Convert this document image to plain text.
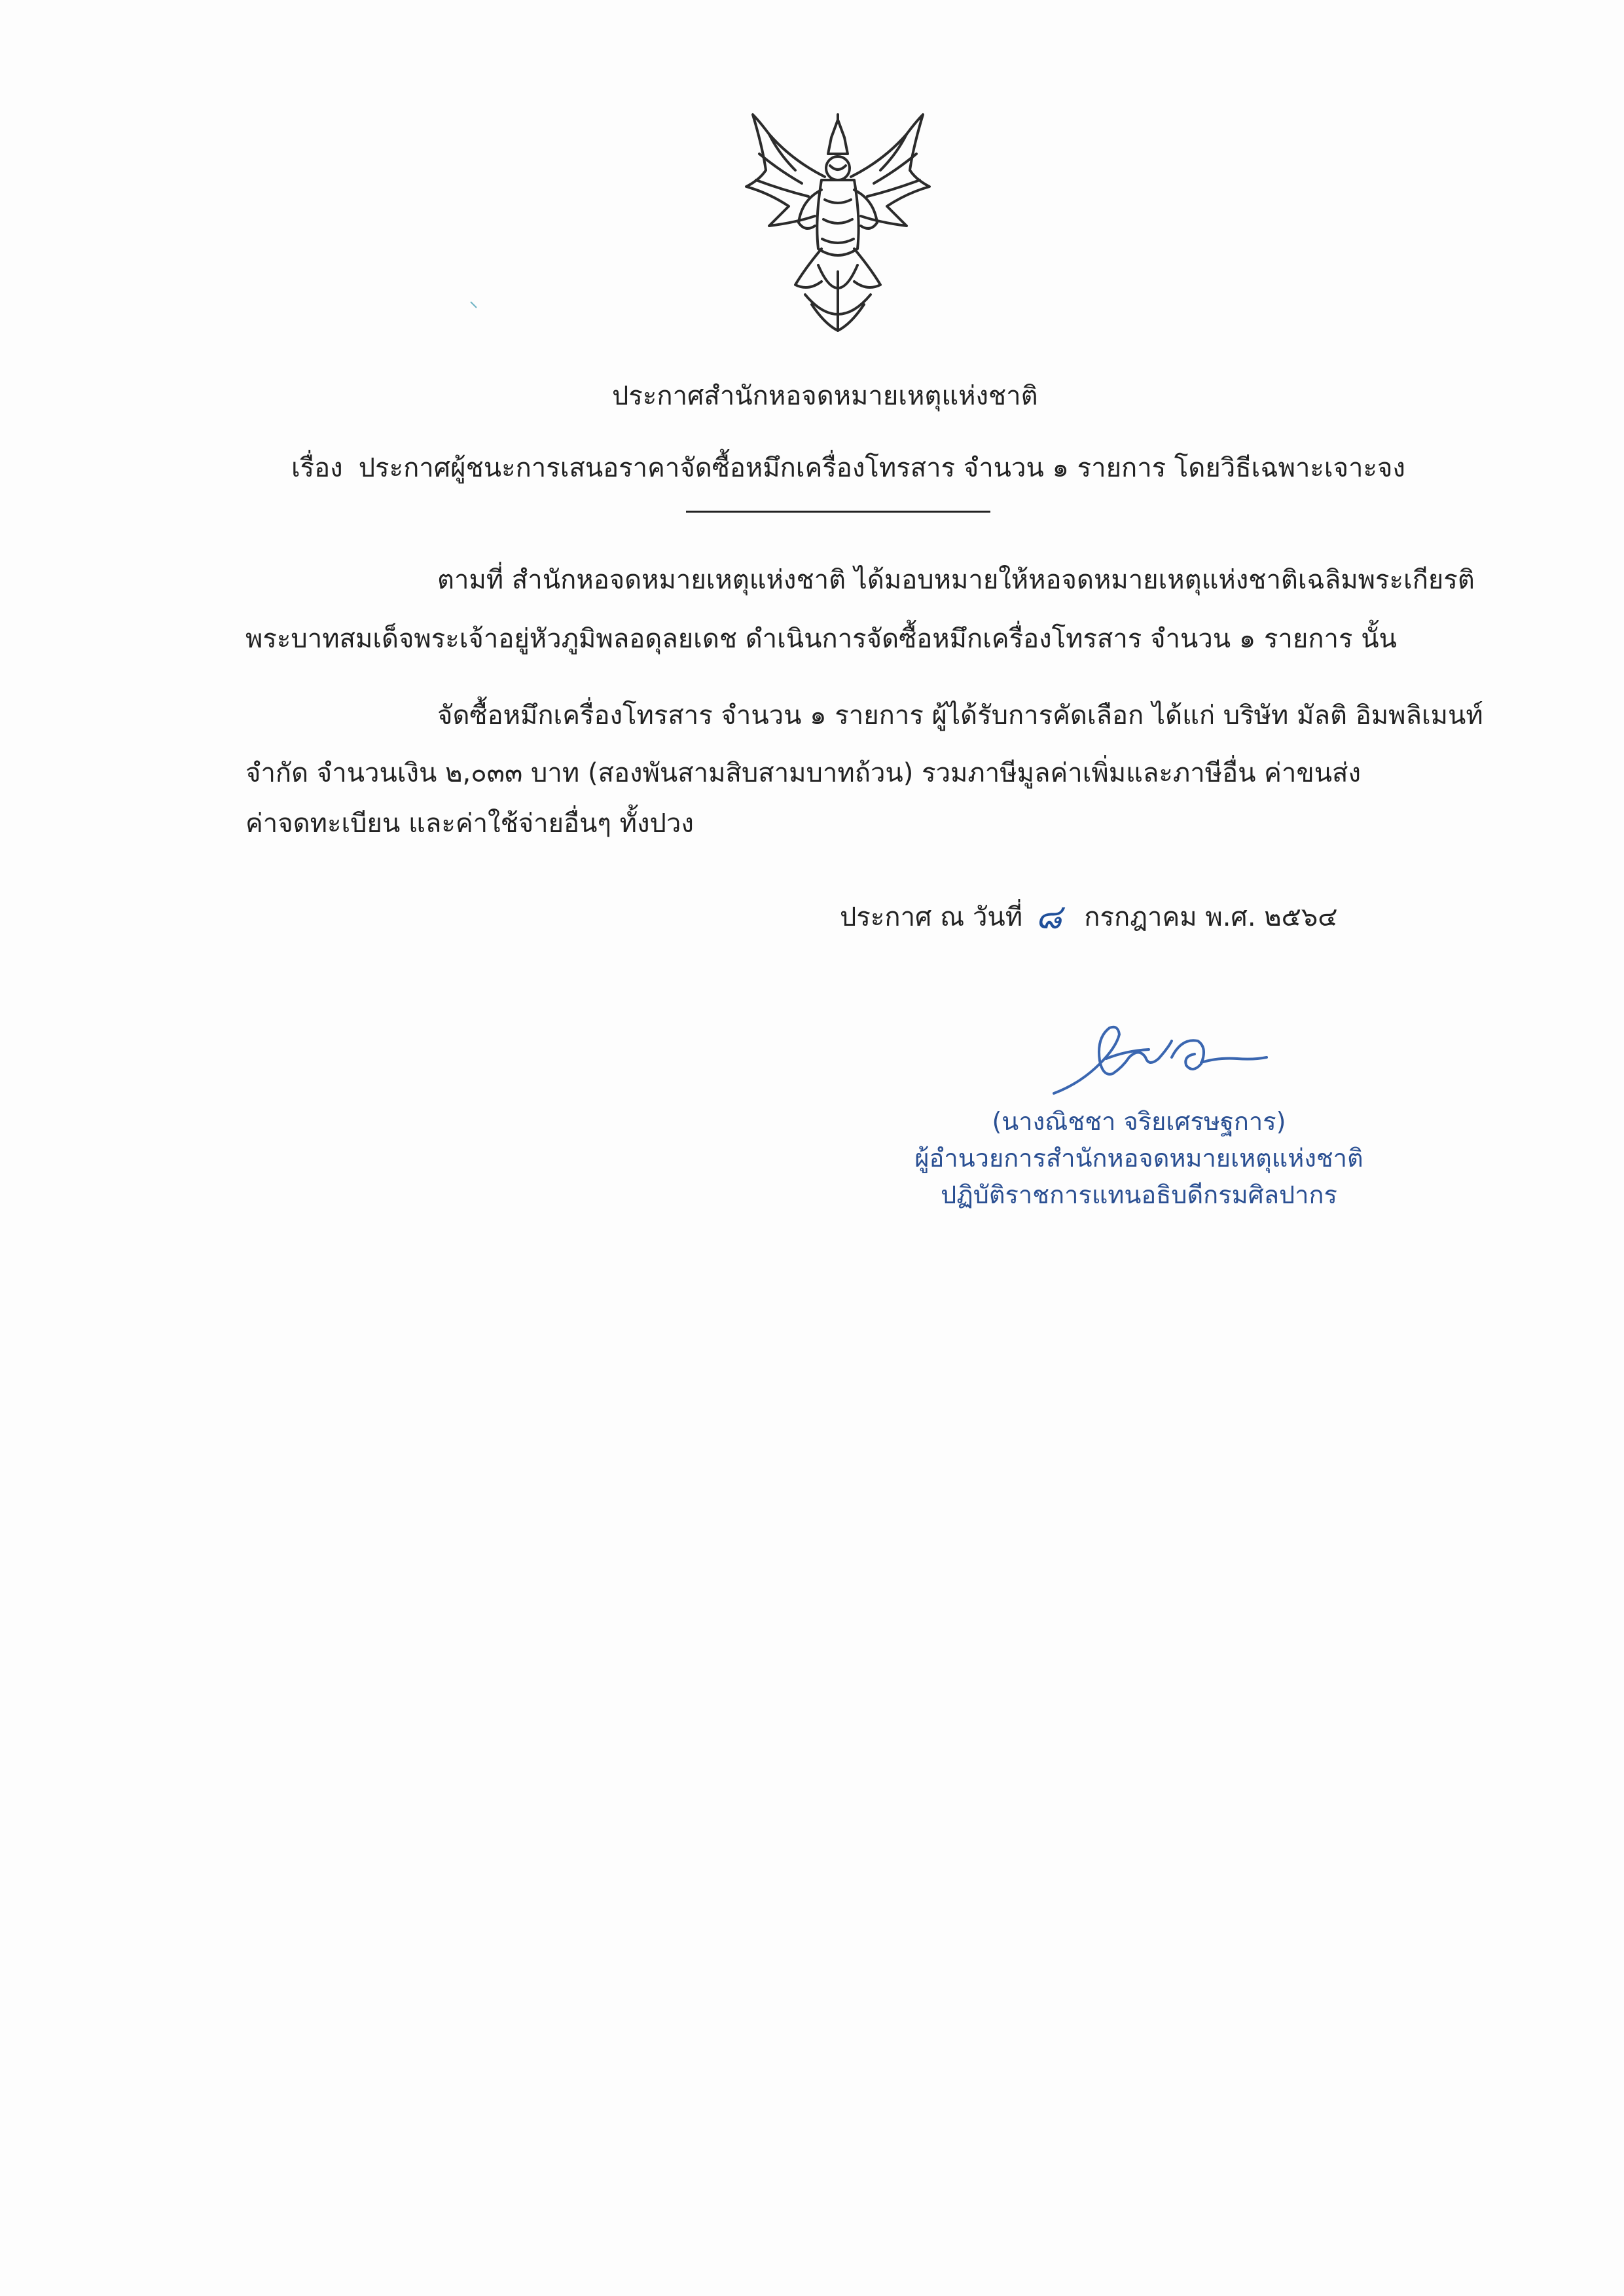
ประกาศสำนักหอจดหมายเหตุแห่งชาติ
เรื่อง ประกาศผู้ชนะการเสนอราคาจัดซื้อหมึกเครื่องโทรสาร จำนวน ๑ รายการ โดยวิธีเฉพาะเจาะจง
ตามที่ สำนักหอจดหมายเหตุแห่งชาติ ได้มอบหมายให้หอจดหมายเหตุแห่งชาติเฉลิมพระเกียรติ
พระบาทสมเด็จพระเจ้าอยู่หัวภูมิพลอดุลยเดช ดำเนินการจัดซื้อหมึกเครื่องโทรสาร จำนวน ๑ รายการ นั้น
จัดซื้อหมึกเครื่องโทรสาร จำนวน ๑ รายการ ผู้ได้รับการคัดเลือก ได้แก่ บริษัท มัลติ อิมพลิเมนท์
จำกัด จำนวนเงิน ๒,๐๓๓ บาท (สองพันสามสิบสามบาทถ้วน) รวมภาษีมูลค่าเพิ่มและภาษีอื่น ค่าขนส่ง
ค่าจดทะเบียน และค่าใช้จ่ายอื่นๆ ทั้งปวง
ประกาศ ณ วันที่ ๘ กรกฎาคม พ.ศ. ๒๕๖๔
(นางณิชชา จริยเศรษฐการ)
ผู้อำนวยการสำนักหอจดหมายเหตุแห่งชาติ
ปฏิบัติราชการแทนอธิบดีกรมศิลปากร
